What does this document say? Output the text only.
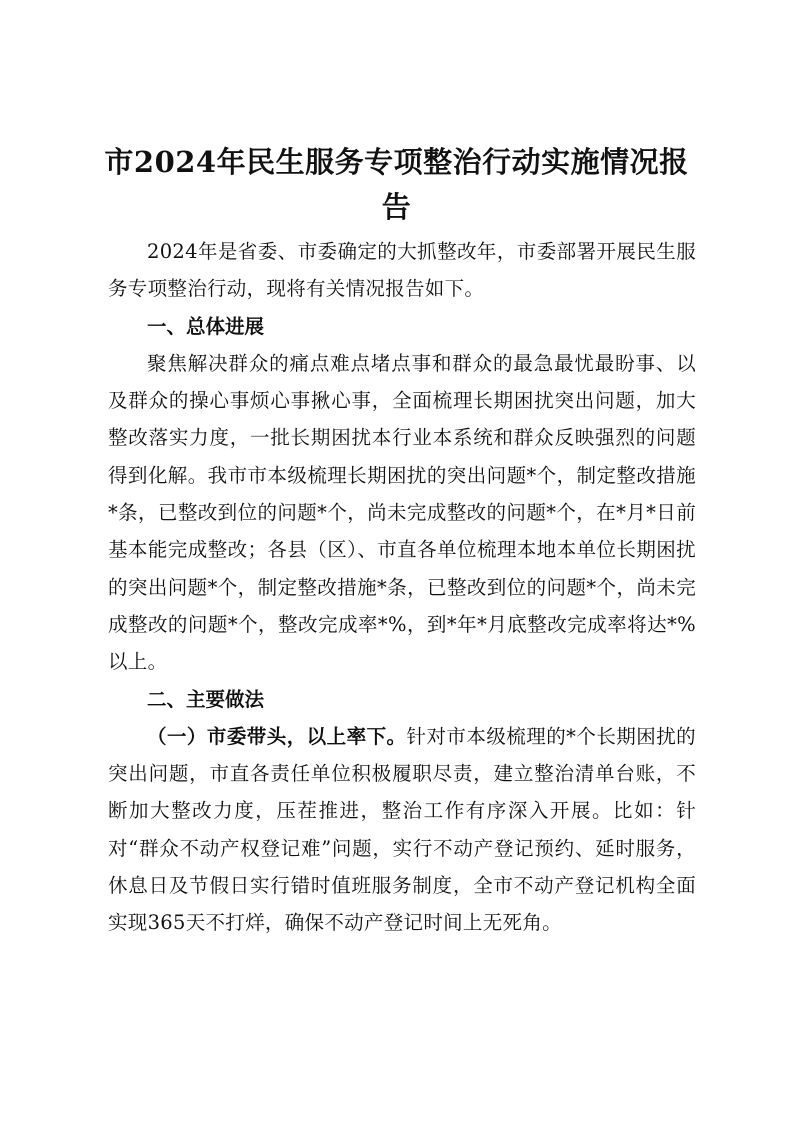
市2024年民生服务专项整治行动实施情况报告

2024年是省委、市委确定的大抓整改年，市委部署开展民生服务专项整治行动，现将有关情况报告如下。

一、总体进展

聚焦解决群众的痛点难点堵点事和群众的最急最忧最盼事、以及群众的操心事烦心事揪心事，全面梳理长期困扰突出问题，加大整改落实力度，一批长期困扰本行业本系统和群众反映强烈的问题得到化解。我市市本级梳理长期困扰的突出问题*个，制定整改措施*条，已整改到位的问题*个，尚未完成整改的问题*个，在*月*日前基本能完成整改；各县（区）、市直各单位梳理本地本单位长期困扰的突出问题*个，制定整改措施*条，已整改到位的问题*个，尚未完成整改的问题*个，整改完成率*%，到*年*月底整改完成率将达*%以上。

二、主要做法

（一）市委带头，以上率下。针对市本级梳理的*个长期困扰的突出问题，市直各责任单位积极履职尽责，建立整治清单台账，不断加大整改力度，压茬推进，整治工作有序深入开展。比如：针对“群众不动产权登记难”问题，实行不动产登记预约、延时服务，休息日及节假日实行错时值班服务制度，全市不动产登记机构全面实现365天不打烊，确保不动产登记时间上无死角。
